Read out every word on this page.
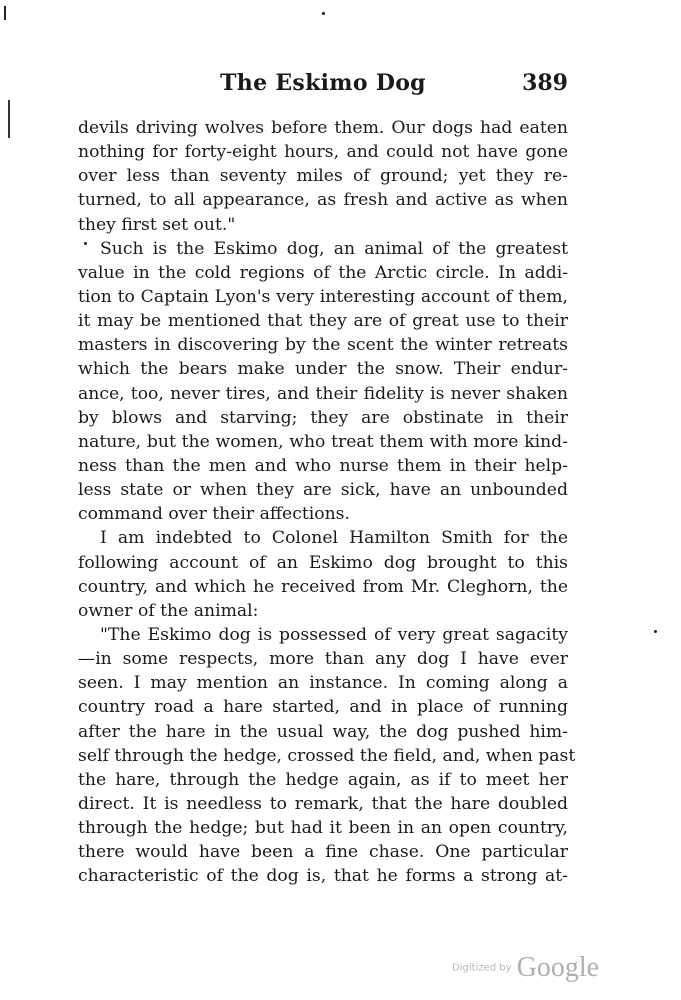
The Eskimo Dog	389
devils driving wolves before them. Our dogs had eaten
nothing for forty-eight hours, and could not have gone
over less than seventy miles of ground; yet they re-
turned, to all appearance, as fresh and active as when
they first set out."
Such is the Eskimo dog, an animal of the greatest
value in the cold regions of the Arctic circle. In addi-
tion to Captain Lyon's very interesting account of them,
it may be mentioned that they are of great use to their
masters in discovering by the scent the winter retreats
which the bears make under the snow. Their endur-
ance, too, never tires, and their fidelity is never shaken
by blows and starving; they are obstinate in their
nature, but the women, who treat them with more kind-
ness than the men and who nurse them in their help-
less state or when they are sick, have an unbounded
command over their affections.
I am indebted to Colonel Hamilton Smith for the
following account of an Eskimo dog brought to this
country, and which he received from Mr. Cleghorn, the
owner of the animal:
"The Eskimo dog is possessed of very great sagacity
—in some respects, more than any dog I have ever
seen. I may mention an instance. In coming along a
country road a hare started, and in place of running
after the hare in the usual way, the dog pushed him-
self through the hedge, crossed the field, and, when past
the hare, through the hedge again, as if to meet her
direct. It is needless to remark, that the hare doubled
through the hedge; but had it been in an open country,
there would have been a fine chase. One particular
characteristic of the dog is, that he forms a strong at-
Digitized by Google
